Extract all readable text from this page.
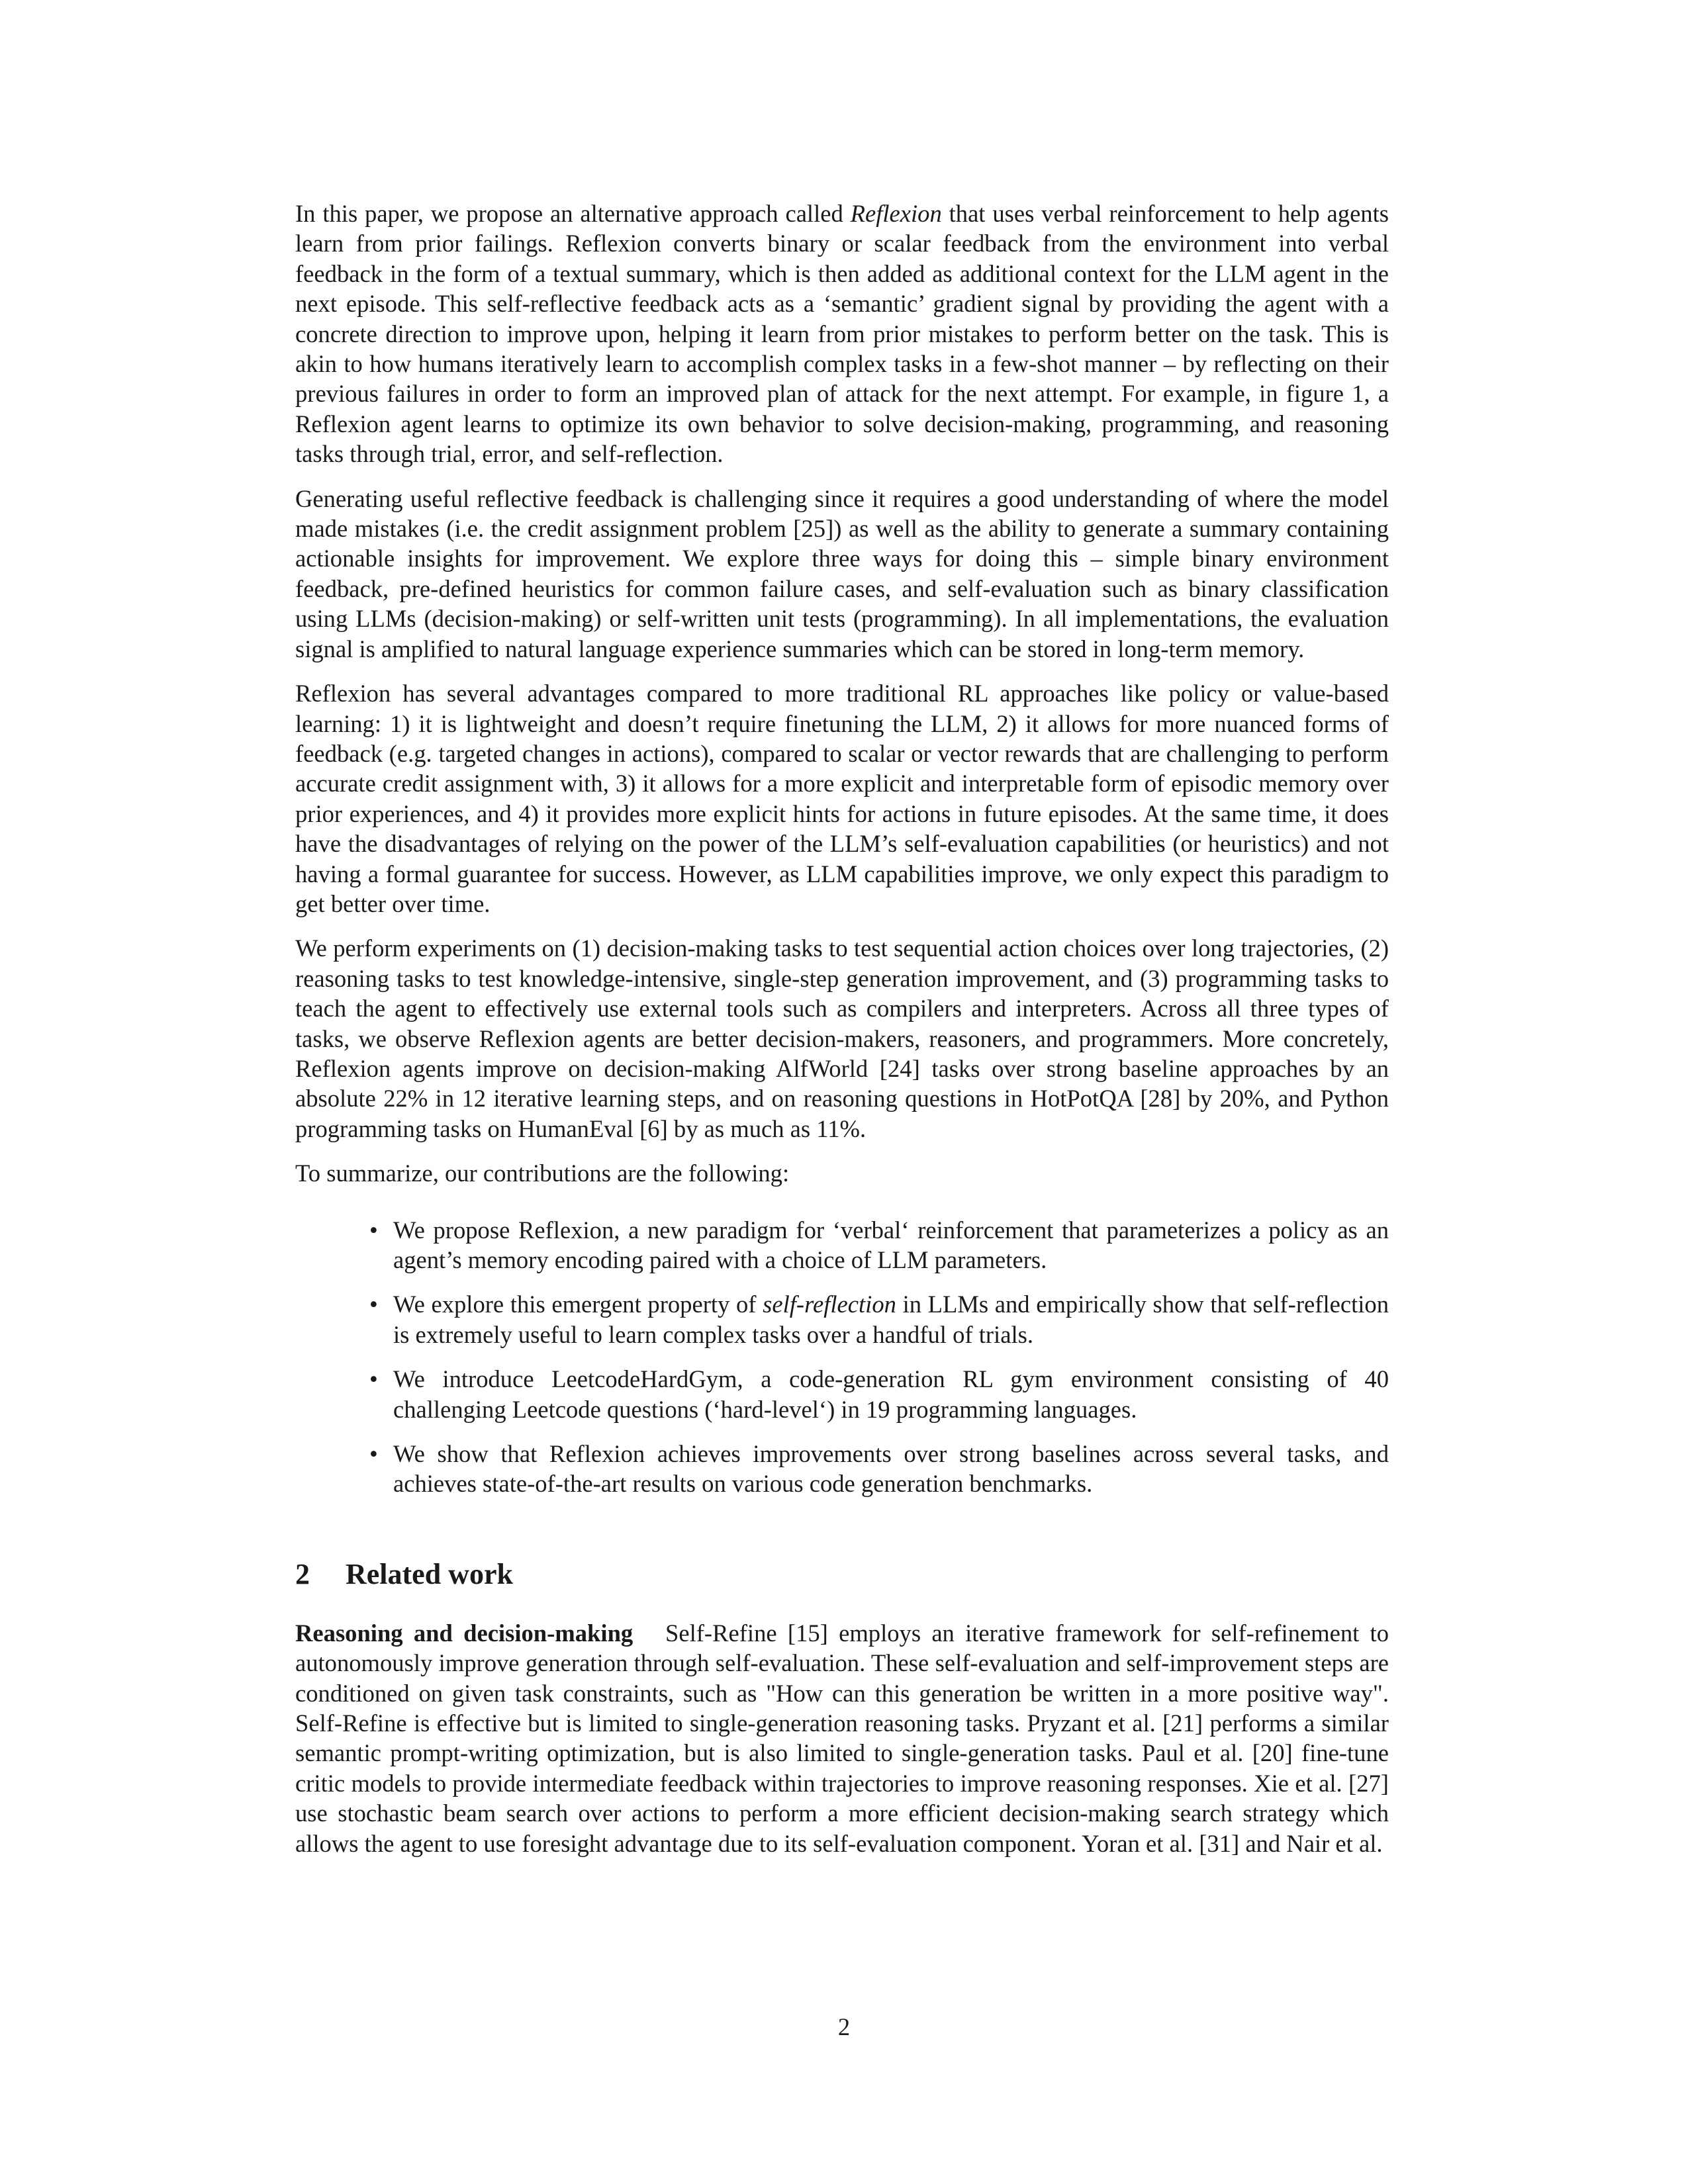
In this paper, we propose an alternative approach called Reflexion that uses verbal reinforcement to help agents learn from prior failings. Reflexion converts binary or scalar feedback from the environment into verbal feedback in the form of a textual summary, which is then added as additional context for the LLM agent in the next episode. This self-reflective feedback acts as a ‘semantic’ gradient signal by providing the agent with a concrete direction to improve upon, helping it learn from prior mistakes to perform better on the task. This is akin to how humans iteratively learn to accomplish complex tasks in a few-shot manner – by reflecting on their previous failures in order to form an improved plan of attack for the next attempt. For example, in figure 1, a Reflexion agent learns to optimize its own behavior to solve decision-making, programming, and reasoning tasks through trial, error, and self-reflection.

Generating useful reflective feedback is challenging since it requires a good understanding of where the model made mistakes (i.e. the credit assignment problem [25]) as well as the ability to generate a summary containing actionable insights for improvement. We explore three ways for doing this – simple binary environment feedback, pre-defined heuristics for common failure cases, and self-evaluation such as binary classification using LLMs (decision-making) or self-written unit tests (programming). In all implementations, the evaluation signal is amplified to natural language experience summaries which can be stored in long-term memory.

Reflexion has several advantages compared to more traditional RL approaches like policy or value-based learning: 1) it is lightweight and doesn’t require finetuning the LLM, 2) it allows for more nuanced forms of feedback (e.g. targeted changes in actions), compared to scalar or vector rewards that are challenging to perform accurate credit assignment with, 3) it allows for a more explicit and interpretable form of episodic memory over prior experiences, and 4) it provides more explicit hints for actions in future episodes. At the same time, it does have the disadvantages of relying on the power of the LLM’s self-evaluation capabilities (or heuristics) and not having a formal guarantee for success. However, as LLM capabilities improve, we only expect this paradigm to get better over time.

We perform experiments on (1) decision-making tasks to test sequential action choices over long trajectories, (2) reasoning tasks to test knowledge-intensive, single-step generation improvement, and (3) programming tasks to teach the agent to effectively use external tools such as compilers and interpreters. Across all three types of tasks, we observe Reflexion agents are better decision-makers, reasoners, and programmers. More concretely, Reflexion agents improve on decision-making AlfWorld [24] tasks over strong baseline approaches by an absolute 22% in 12 iterative learning steps, and on reasoning questions in HotPotQA [28] by 20%, and Python programming tasks on HumanEval [6] by as much as 11%.

To summarize, our contributions are the following:

• We propose Reflexion, a new paradigm for ‘verbal‘ reinforcement that parameterizes a policy as an agent’s memory encoding paired with a choice of LLM parameters.
• We explore this emergent property of self-reflection in LLMs and empirically show that self-reflection is extremely useful to learn complex tasks over a handful of trials.
• We introduce LeetcodeHardGym, a code-generation RL gym environment consisting of 40 challenging Leetcode questions (‘hard-level‘) in 19 programming languages.
• We show that Reflexion achieves improvements over strong baselines across several tasks, and achieves state-of-the-art results on various code generation benchmarks.
2 Related work

Reasoning and decision-making Self-Refine [15] employs an iterative framework for self-refinement to autonomously improve generation through self-evaluation. These self-evaluation and self-improvement steps are conditioned on given task constraints, such as "How can this generation be written in a more positive way". Self-Refine is effective but is limited to single-generation reasoning tasks. Pryzant et al. [21] performs a similar semantic prompt-writing optimization, but is also limited to single-generation tasks. Paul et al. [20] fine-tune critic models to provide intermediate feedback within trajectories to improve reasoning responses. Xie et al. [27] use stochastic beam search over actions to perform a more efficient decision-making search strategy which allows the agent to use foresight advantage due to its self-evaluation component. Yoran et al. [31] and Nair et al.

2
